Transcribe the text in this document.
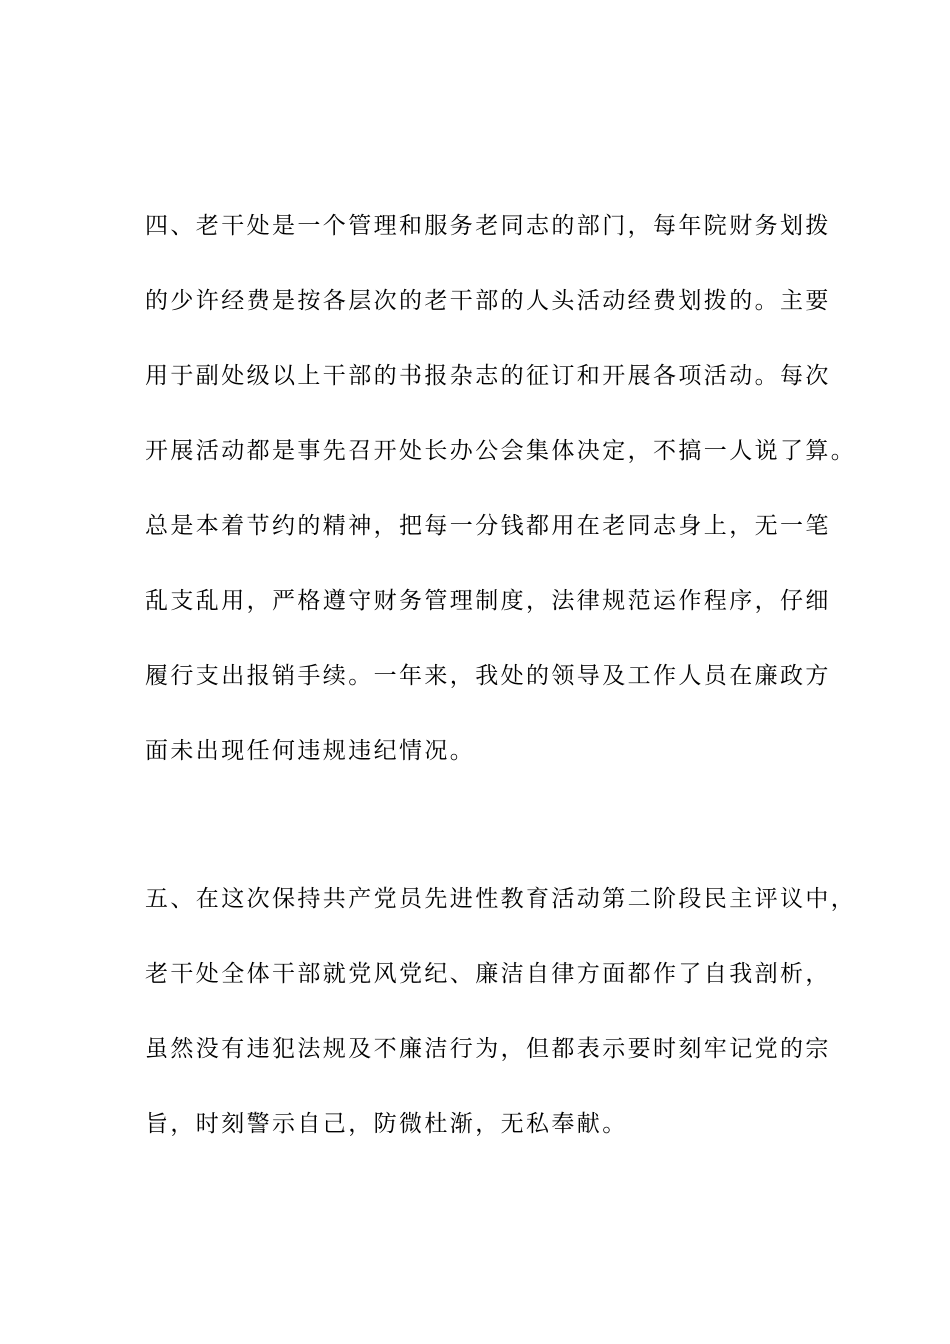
四、老干处是一个管理和服务老同志的部门，每年院财务划拨
的少许经费是按各层次的老干部的人头活动经费划拨的。主要
用于副处级以上干部的书报杂志的征订和开展各项活动。每次
开展活动都是事先召开处长办公会集体决定，不搞一人说了算。
总是本着节约的精神，把每一分钱都用在老同志身上，无一笔
乱支乱用，严格遵守财务管理制度，法律规范运作程序，仔细
履行支出报销手续。一年来，我处的领导及工作人员在廉政方
面未出现任何违规违纪情况。
五、在这次保持共产党员先进性教育活动第二阶段民主评议中，
老干处全体干部就党风党纪、廉洁自律方面都作了自我剖析，
虽然没有违犯法规及不廉洁行为，但都表示要时刻牢记党的宗
旨，时刻警示自己，防微杜渐，无私奉献。
